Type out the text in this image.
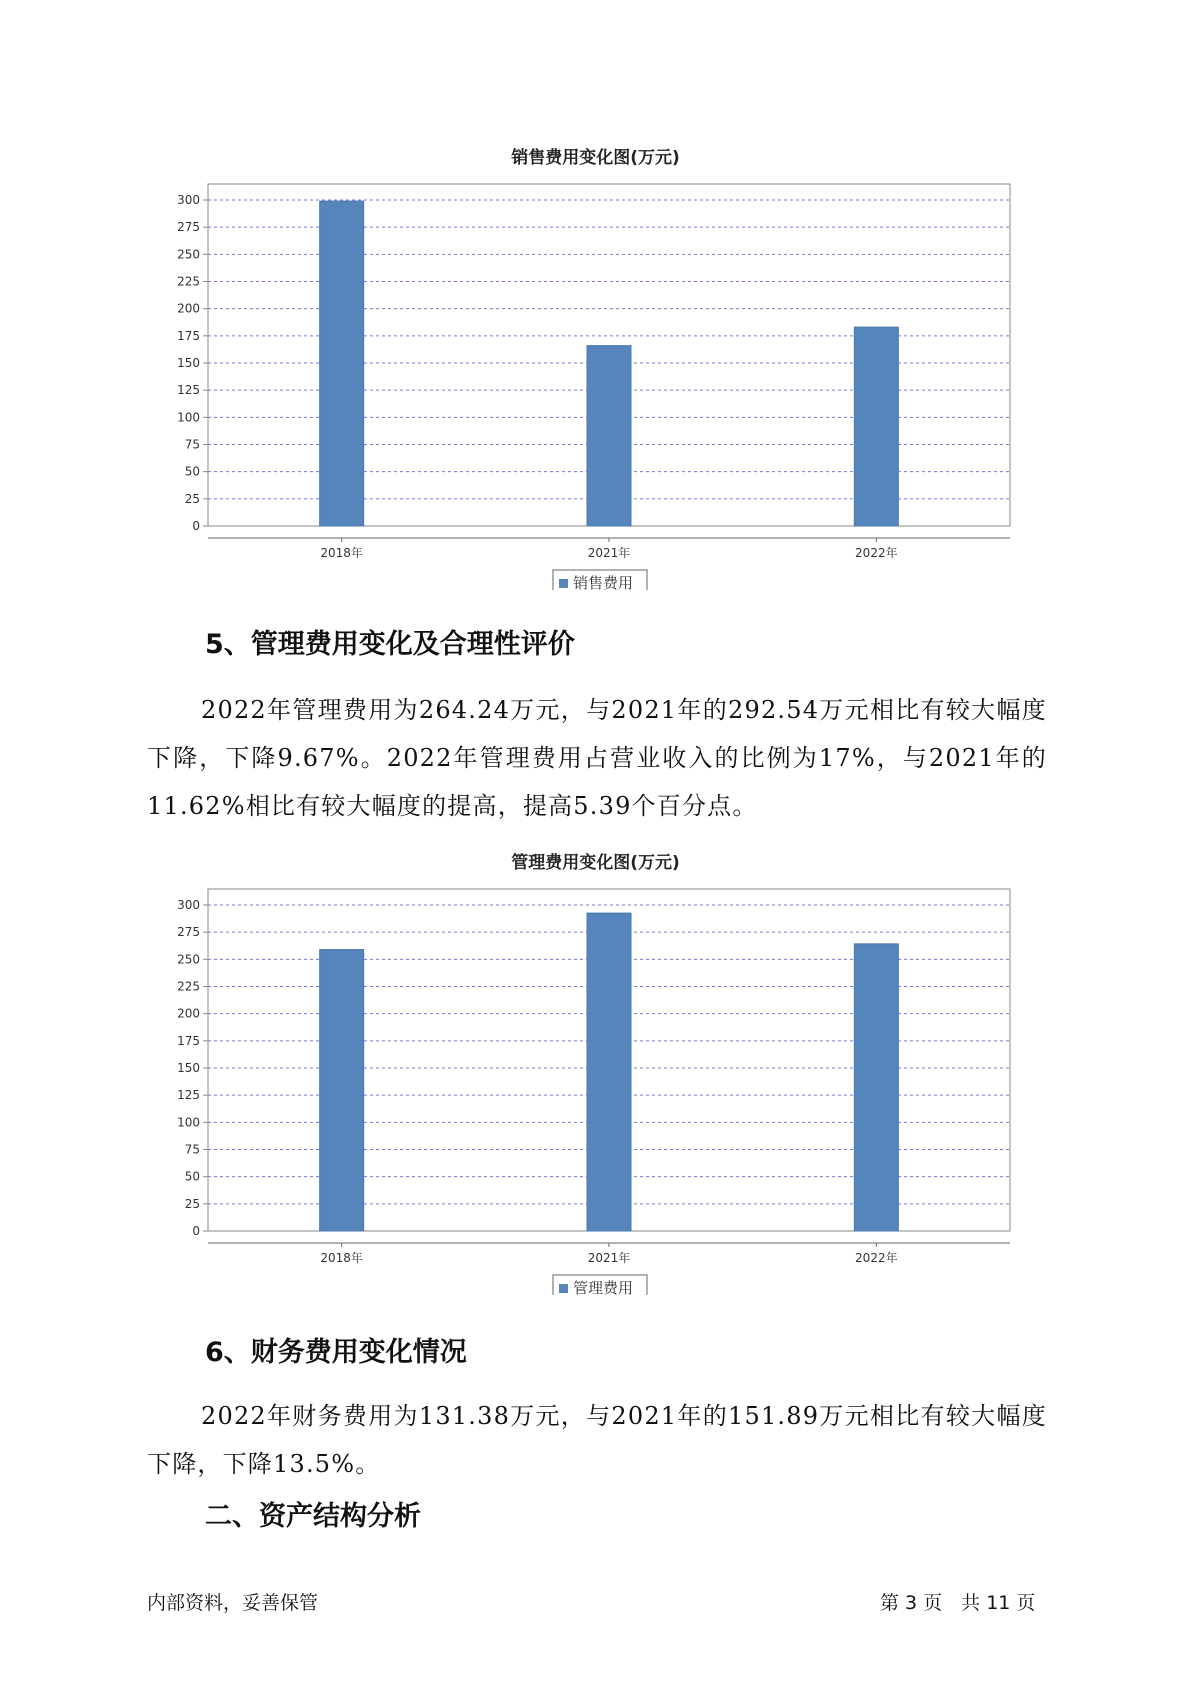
销售费用变化图(万元)
0
25
50
75
100
125
150
175
200
225
250
275
300
2018年	2021年	2022年
销售费用
5、管理费用变化及合理性评价

2022年管理费用为264.24万元，与2021年的292.54万元相比有较大幅度下降，下降9.67%。2022年管理费用占营业收入的比例为17%，与2021年的11.62%相比有较大幅度的提高，提高5.39个百分点。

管理费用变化图(万元)
0
25
50
75
100
125
150
175
200
225
250
275
300
2018年	2021年	2022年
管理费用
6、财务费用变化情况

2022年财务费用为131.38万元，与2021年的151.89万元相比有较大幅度下降，下降13.5%。

二、资产结构分析
内部资料，妥善保管	第 3 页　共 11 页
